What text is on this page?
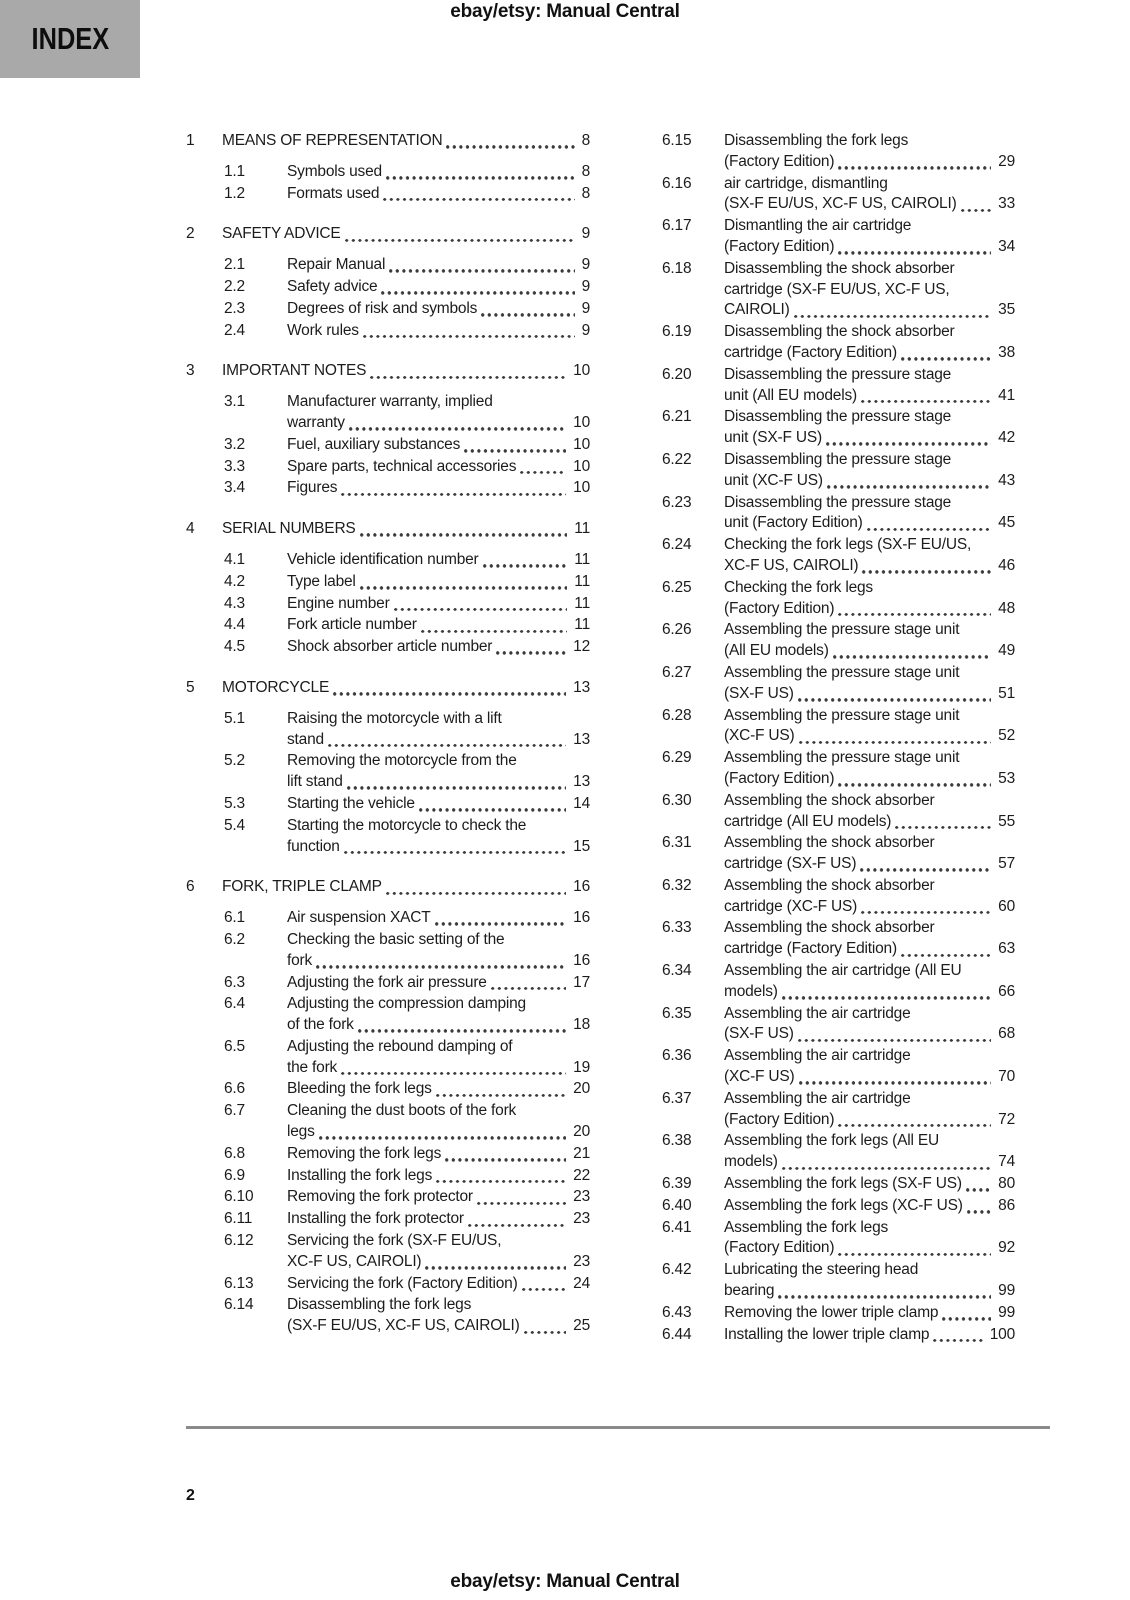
ebay/etsy: Manual Central
INDEX
1	MEANS OF REPRESENTATION	8
1.1	Symbols used	8
1.2	Formats used	8
2	SAFETY ADVICE	9
2.1	Repair Manual	9
2.2	Safety advice	9
2.3	Degrees of risk and symbols	9
2.4	Work rules	9
3	IMPORTANT NOTES	10
3.1	Manufacturer warranty, implied
warranty	10
3.2	Fuel, auxiliary substances	10
3.3	Spare parts, technical accessories	10
3.4	Figures	10
4	SERIAL NUMBERS	11
4.1	Vehicle identification number	11
4.2	Type label	11
4.3	Engine number	11
4.4	Fork article number	11
4.5	Shock absorber article number	12
5	MOTORCYCLE	13
5.1	Raising the motorcycle with a lift
stand	13
5.2	Removing the motorcycle from the
lift stand	13
5.3	Starting the vehicle	14
5.4	Starting the motorcycle to check the
function	15
6	FORK, TRIPLE CLAMP	16
6.1	Air suspension XACT	16
6.2	Checking the basic setting of the
fork	16
6.3	Adjusting the fork air pressure	17
6.4	Adjusting the compression damping
of the fork	18
6.5	Adjusting the rebound damping of
the fork	19
6.6	Bleeding the fork legs	20
6.7	Cleaning the dust boots of the fork
legs	20
6.8	Removing the fork legs	21
6.9	Installing the fork legs	22
6.10	Removing the fork protector	23
6.11	Installing the fork protector	23
6.12	Servicing the fork (SX-F EU/US,
XC-F US, CAIROLI)	23
6.13	Servicing the fork (Factory Edition)	24
6.14	Disassembling the fork legs
(SX-F EU/US, XC-F US, CAIROLI)	25
6.15	Disassembling the fork legs
(Factory Edition)	29
6.16	air cartridge, dismantling
(SX-F EU/US, XC-F US, CAIROLI)	33
6.17	Dismantling the air cartridge
(Factory Edition)	34
6.18	Disassembling the shock absorber
cartridge (SX-F EU/US, XC-F US,
CAIROLI)	35
6.19	Disassembling the shock absorber
cartridge (Factory Edition)	38
6.20	Disassembling the pressure stage
unit (All EU models)	41
6.21	Disassembling the pressure stage
unit (SX-F US)	42
6.22	Disassembling the pressure stage
unit (XC-F US)	43
6.23	Disassembling the pressure stage
unit (Factory Edition)	45
6.24	Checking the fork legs (SX-F EU/US,
XC-F US, CAIROLI)	46
6.25	Checking the fork legs
(Factory Edition)	48
6.26	Assembling the pressure stage unit
(All EU models)	49
6.27	Assembling the pressure stage unit
(SX-F US)	51
6.28	Assembling the pressure stage unit
(XC-F US)	52
6.29	Assembling the pressure stage unit
(Factory Edition)	53
6.30	Assembling the shock absorber
cartridge (All EU models)	55
6.31	Assembling the shock absorber
cartridge (SX-F US)	57
6.32	Assembling the shock absorber
cartridge (XC-F US)	60
6.33	Assembling the shock absorber
cartridge (Factory Edition)	63
6.34	Assembling the air cartridge (All EU
models)	66
6.35	Assembling the air cartridge
(SX-F US)	68
6.36	Assembling the air cartridge
(XC-F US)	70
6.37	Assembling the air cartridge
(Factory Edition)	72
6.38	Assembling the fork legs (All EU
models)	74
6.39	Assembling the fork legs (SX-F US) 80
6.40	Assembling the fork legs (XC-F US) 86
6.41	Assembling the fork legs
(Factory Edition)	92
6.42	Lubricating the steering head
bearing	99
6.43	Removing the lower triple clamp	99
6.44	Installing the lower triple clamp	100
2
ebay/etsy: Manual Central
